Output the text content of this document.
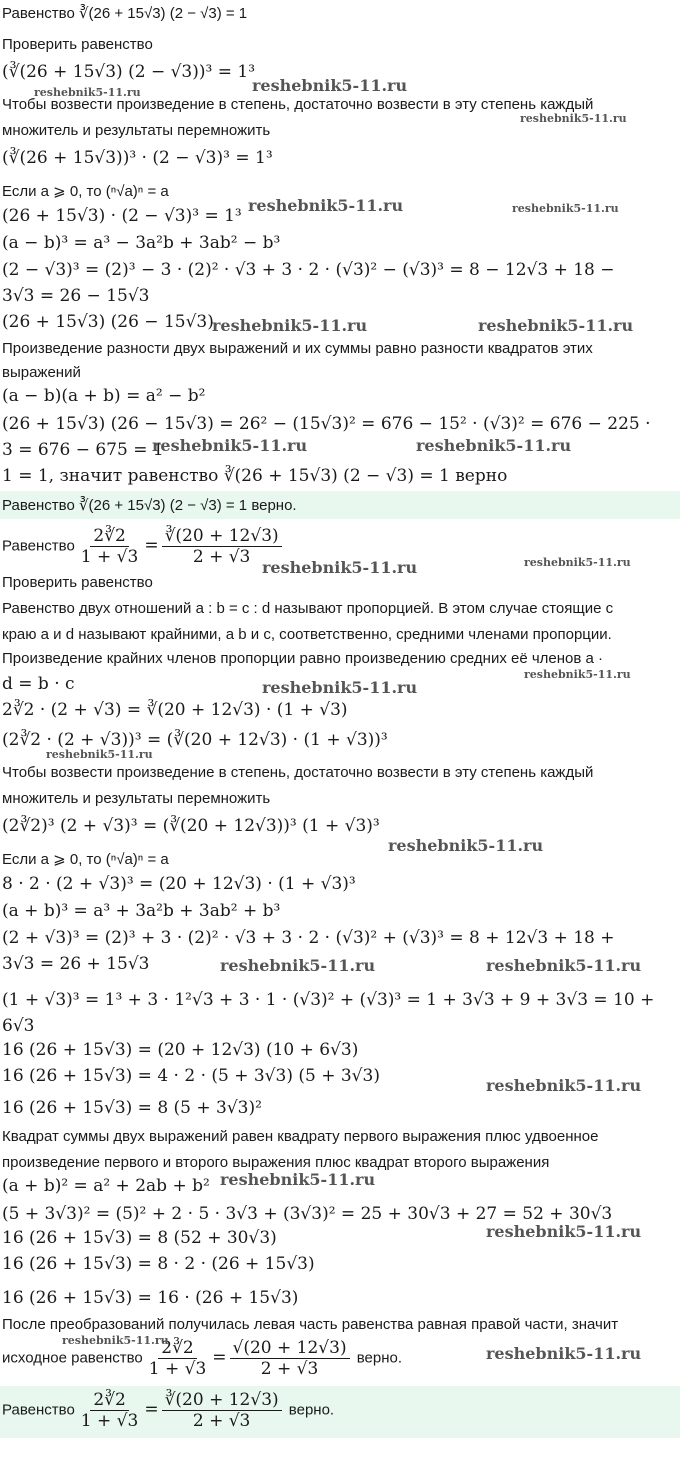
Равенство ∛(26 + 15√3) (2 − √3) = 1
Проверить равенство
(∛(26 + 15√3) (2 − √3))³ = 1³
Чтобы возвести произведение в степень, достаточно возвести в эту степень каждый
множитель и результаты перемножить
(∛(26 + 15√3))³ · (2 − √3)³ = 1³
Если a ⩾ 0, то (ⁿ√a)ⁿ = a
(26 + 15√3) · (2 − √3)³ = 1³
(a − b)³ = a³ − 3a²b + 3ab² − b³
(2 − √3)³ = (2)³ − 3 · (2)² · √3 + 3 · 2 · (√3)² − (√3)³ = 8 − 12√3 + 18 −
3√3 = 26 − 15√3
(26 + 15√3) (26 − 15√3)
Произведение разности двух выражений и их суммы равно разности квадратов этих
выражений
(a − b)(a + b) = a² − b²
(26 + 15√3) (26 − 15√3) = 26² − (15√3)² = 676 − 15² · (√3)² = 676 − 225 ·
3 = 676 − 675 = 1
1 = 1, значит равенство ∛(26 + 15√3) (2 − √3) = 1 верно
Равенство ∛(26 + 15√3) (2 − √3) = 1 верно.
Проверить равенство
Равенство двух отношений a : b = c : d называют пропорцией. В этом случае стоящие с
краю a и d называют крайними, а b и c, соответственно, средними членами пропорции.
Произведение крайних членов пропорции равно произведению средних её членов a ·
d = b · c
2∛2 · (2 + √3) = ∛(20 + 12√3) · (1 + √3)
(2∛2 · (2 + √3))³ = (∛(20 + 12√3) · (1 + √3))³
Чтобы возвести произведение в степень, достаточно возвести в эту степень каждый
множитель и результаты перемножить
(2∛2)³ (2 + √3)³ = (∛(20 + 12√3))³ (1 + √3)³
Если a ⩾ 0, то (ⁿ√a)ⁿ = a
8 · 2 · (2 + √3)³ = (20 + 12√3) · (1 + √3)³
(a + b)³ = a³ + 3a²b + 3ab² + b³
(2 + √3)³ = (2)³ + 3 · (2)² · √3 + 3 · 2 · (√3)² + (√3)³ = 8 + 12√3 + 18 +
3√3 = 26 + 15√3
(1 + √3)³ = 1³ + 3 · 1²√3 + 3 · 1 · (√3)² + (√3)³ = 1 + 3√3 + 9 + 3√3 = 10 +
6√3
16 (26 + 15√3) = (20 + 12√3) (10 + 6√3)
16 (26 + 15√3) = 4 · 2 · (5 + 3√3) (5 + 3√3)
16 (26 + 15√3) = 8 (5 + 3√3)²
Квадрат суммы двух выражений равен квадрату первого выражения плюс удвоенное
произведение первого и второго выражения плюс квадрат второго выражения
(a + b)² = a² + 2ab + b²
(5 + 3√3)² = (5)² + 2 · 5 · 3√3 + (3√3)² = 25 + 30√3 + 27 = 52 + 30√3
16 (26 + 15√3) = 8 (52 + 30√3)
16 (26 + 15√3) = 8 · 2 · (26 + 15√3)
16 (26 + 15√3) = 16 · (26 + 15√3)
После преобразований получилась левая часть равенства равная правой части, значит
Равенство $\frac{2∛2}{1 + √3} = \frac{∛(20 + 12√3)}{2 + √3}$
исходное равенство $\frac{2∛2}{1 + √3} = \frac{√(20 + 12√3)}{2 + √3}$ верно.
Равенство $\frac{2∛2}{1 + √3} = \frac{∛(20 + 12√3)}{2 + √3}$ верно.
reshebnik5-11.ru
reshebnik5-11.ru
reshebnik5-11.ru
reshebnik5-11.ru	reshebnik5-11.ru
reshebnik5-11.ru	reshebnik5-11.ru
reshebnik5-11.ru	reshebnik5-11.ru
reshebnik5-11.ru	reshebnik5-11.ru
reshebnik5-11.ru
reshebnik5-11.ru
reshebnik5-11.ru
reshebnik5-11.ru
reshebnik5-11.ru	reshebnik5-11.ru
reshebnik5-11.ru
reshebnik5-11.ru
reshebnik5-11.ru
reshebnik5-11.ru
reshebnik5-11.ru
